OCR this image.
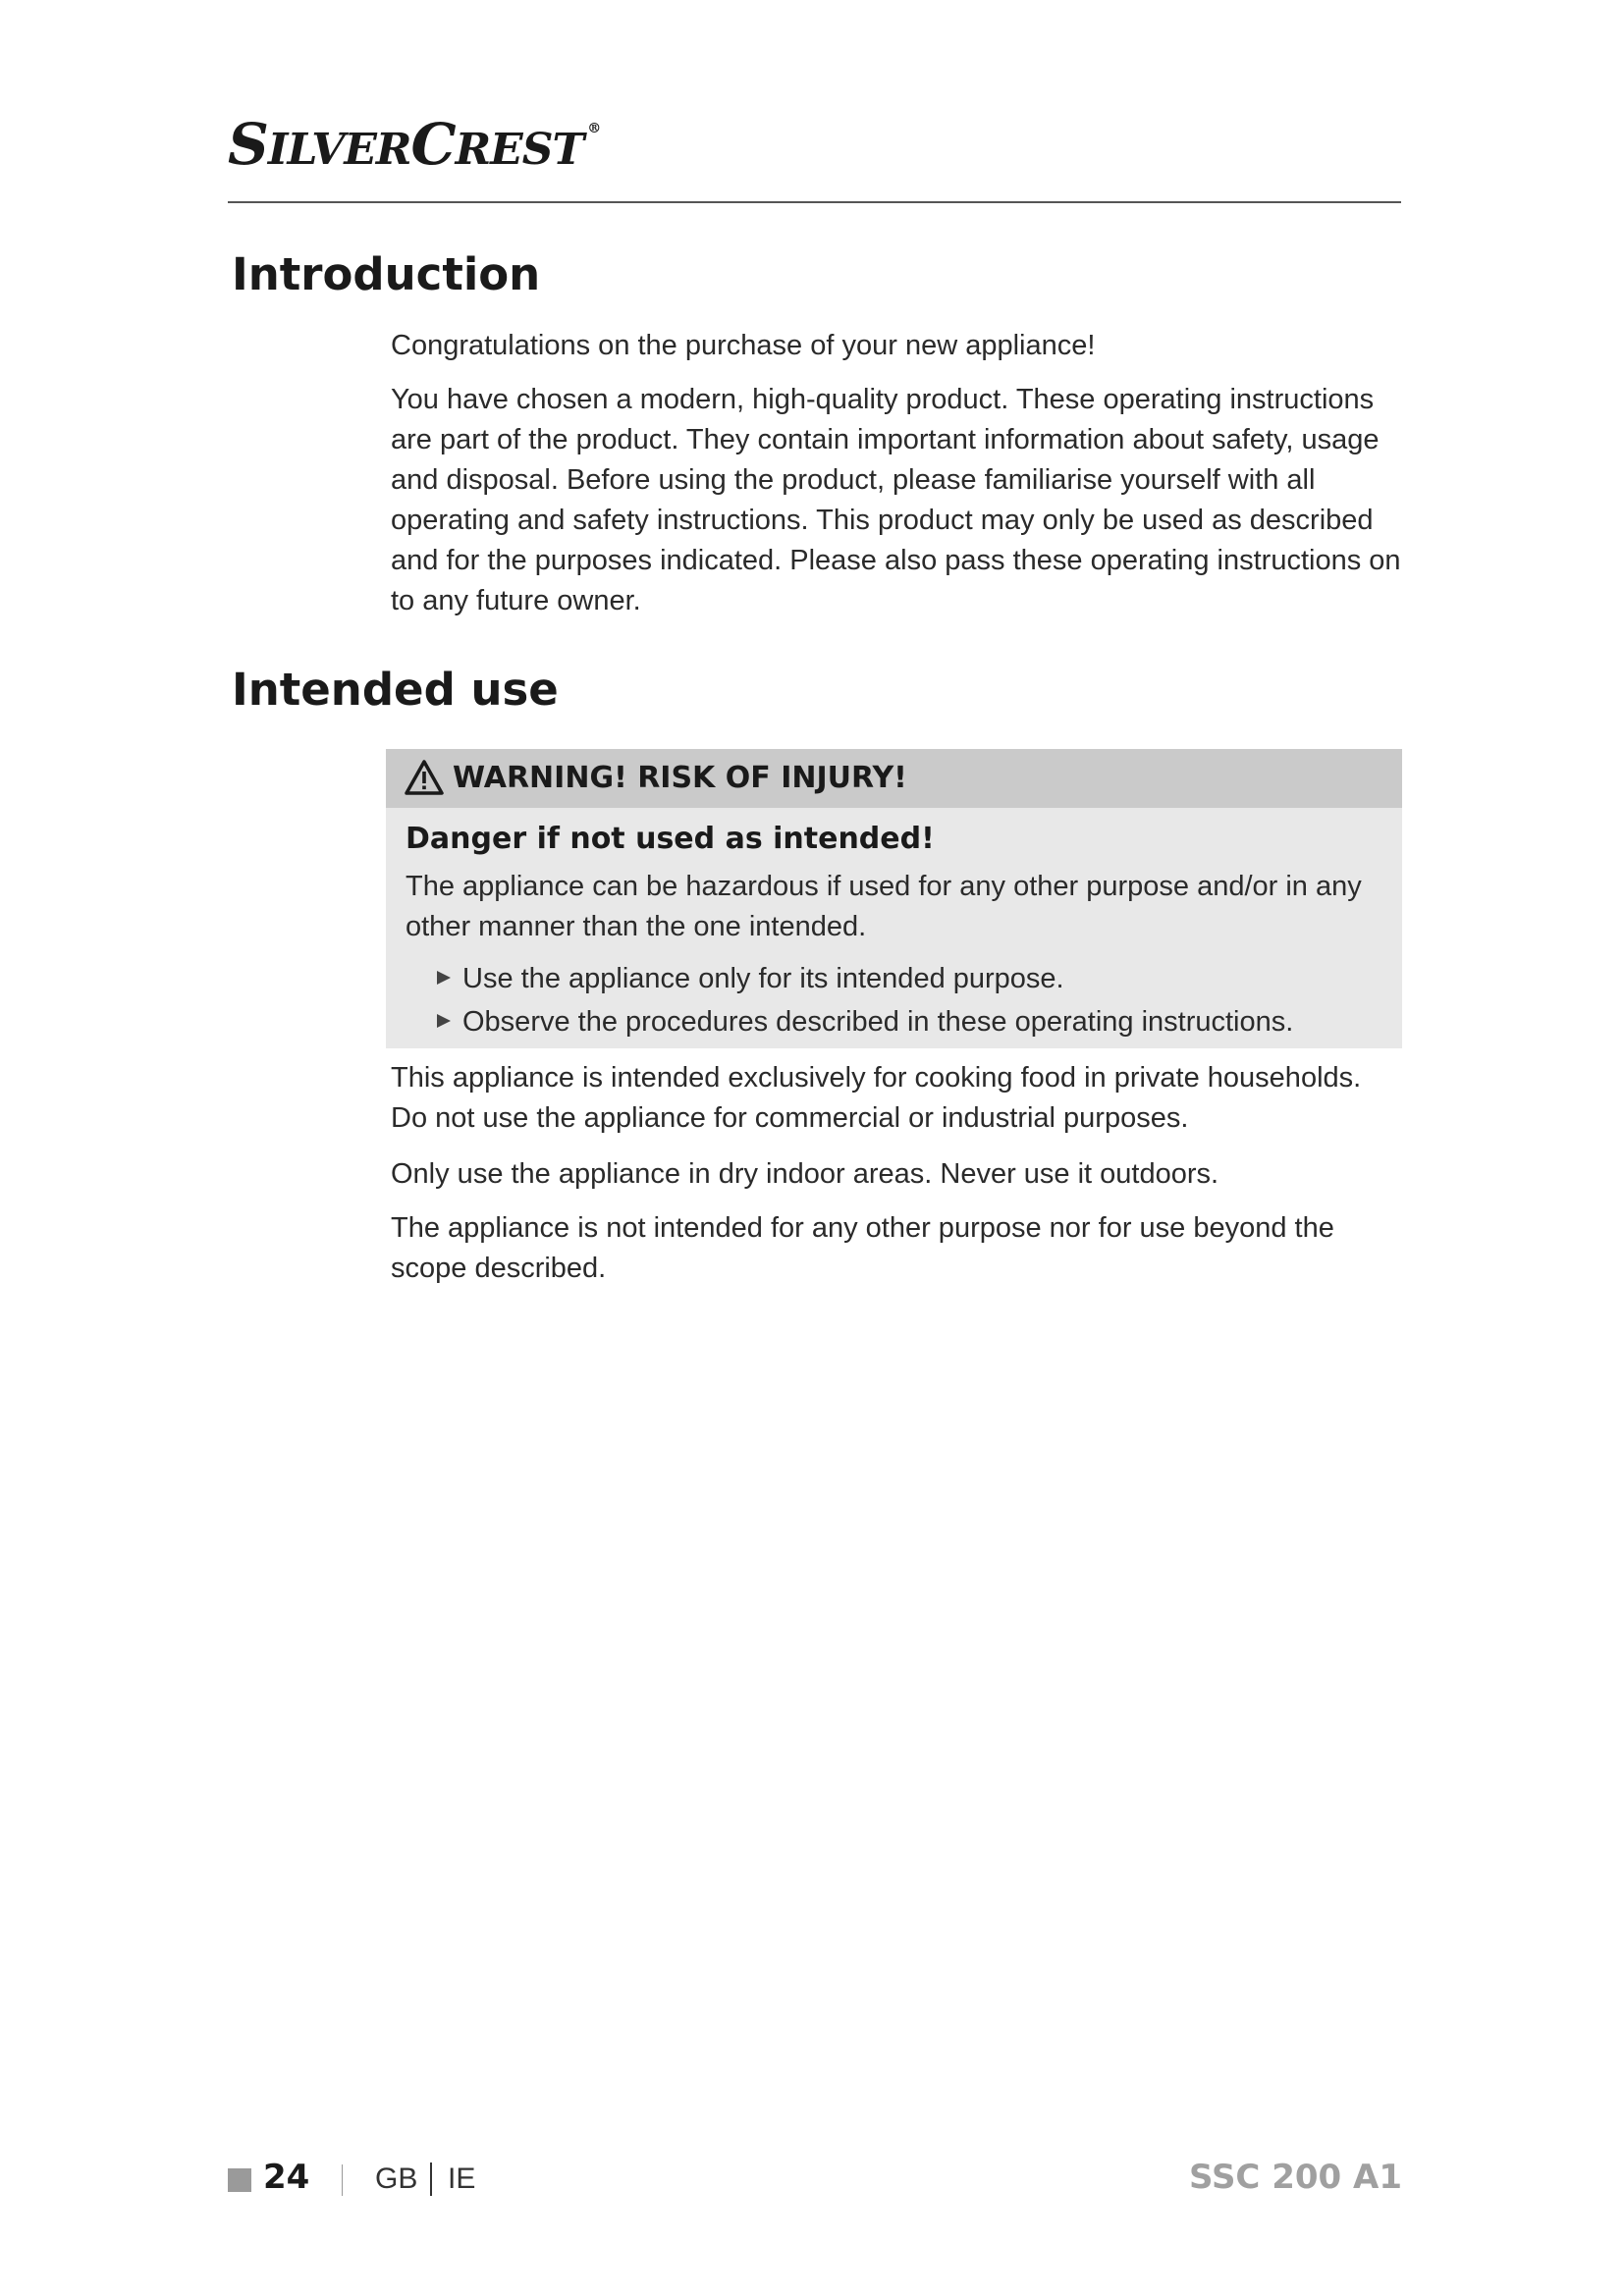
SILVERCREST ®
Introduction

Congratulations on the purchase of your new appliance!

You have chosen a modern, high-quality product. These operating instructions are part of the product. They contain important information about safety, usage and disposal. Before using the product, please familiarise yourself with all operating and safety instructions. This product may only be used as described and for the purposes indicated. Please also pass these operating instructions on to any future owner.

Intended use
WARNING! RISK OF INJURY!
Danger if not used as intended!
The appliance can be hazardous if used for any other purpose and/or in any other manner than the one intended.
Use the appliance only for its intended purpose.
Observe the procedures described in these operating instructions.

This appliance is intended exclusively for cooking food in private households. Do not use the appliance for commercial or industrial purposes.

Only use the appliance in dry indoor areas. Never use it outdoors.

The appliance is not intended for any other purpose nor for use beyond the scope described.

24 GB IE	SSC 200 A1
